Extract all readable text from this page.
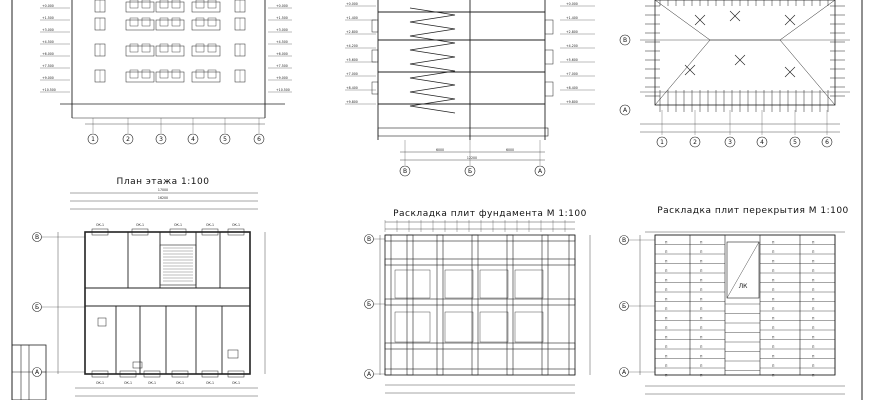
+0.000
+1.500
+3.000
+4.500
+6.000
+7.500
+9.000
+10.500
+0.000
+1.500
+3.000
+4.500
+6.000
+7.500
+9.000
+10.500
1	2	3	4	5	6
+0.000
+1.400
+2.800
+4.200
+5.600
+7.000
+8.400
+9.800
+0.000
+1.400
+2.800
+4.200
+5.600
+7.000
+8.400
+9.800
6000
12200
6000
В	Б	А
1	2	3	4	5	6
В
А
План этажа 1:100
17000
16200
ОК-1	ОК-1	ОК-1	ОК-1	ОК-1
ОК-1	ОК-1	ОК-1	ОК-1	ОК-1	ОК-1
В
Б
А
Раскладка плит фундамента М 1:100
В
Б
А
Раскладка плит перекрытия М 1:100
ЛК
П	П	П	П
П	П	П	П
П	П	П	П
П	П	П	П
П	П	П	П
П	П	П	П
П	П	П	П
П	П	П	П
П	П	П	П
П	П	П	П
П	П	П	П
П	П	П	П
П	П	П	П
П	П	П	П
П	П	П	П
В
Б
А
